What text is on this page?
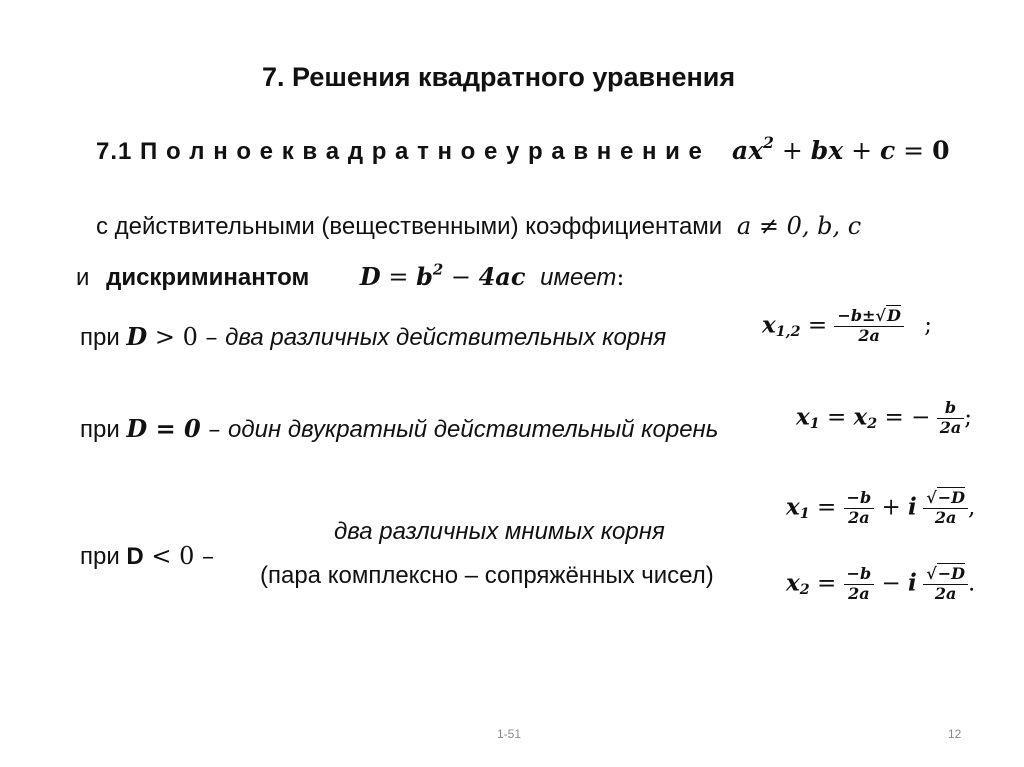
7. Решения квадратного уравнения
7.1 П о л н о е к в а д р а т н о е у р а в н е н и е $ax^2$ + bx + c = 0
с действительными (вещественными) коэффициентами a ≠ 0, b, c
и дискриминантом $D = b^2 - 4ac$ имеет:
при D > 0 – два различных действительных корня	$x_{1,2} = \frac{-b\pm√D}{2a}$ ;
при D = 0 – один двукратный действительный корень	$x_1 = x_2$ = − $\frac{b}{2a}$ ;
при D < 0 –
два различных мнимых корня
(пара комплексно – сопряжённых чисел)
$x_1 = \frac{-b}{2a} + i \frac{√-D}{2a}$ ,
$x_2 = \frac{-b}{2a} - i \frac{√-D}{2a}$ .
1-51	12
